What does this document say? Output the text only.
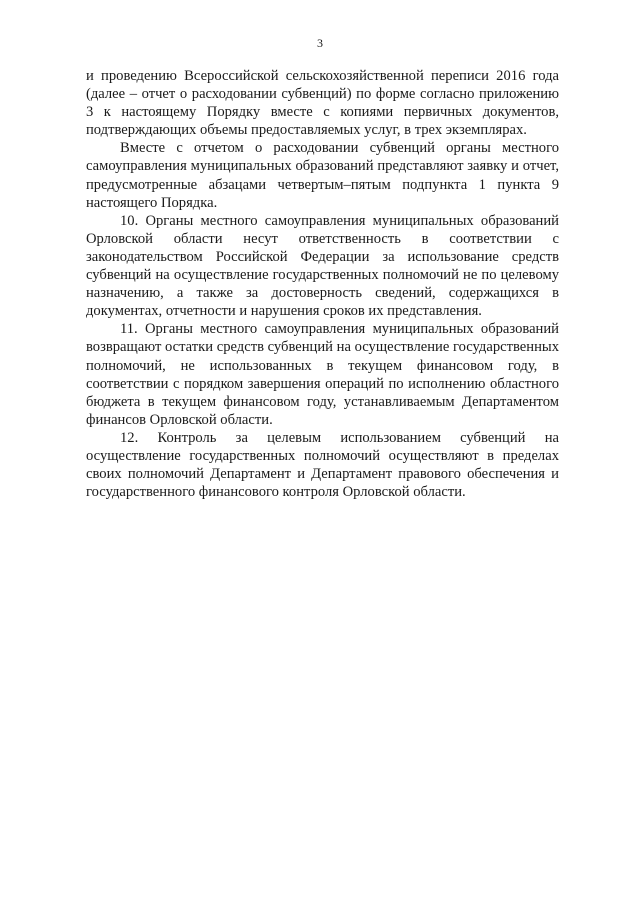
3

и проведению Всероссийской сельскохозяйственной переписи 2016 года (далее – отчет о расходовании субвенций) по форме согласно приложению 3 к настоящему Порядку вместе с копиями первичных документов, подтверждающих объемы предоставляемых услуг, в трех экземплярах.

Вместе с отчетом о расходовании субвенций органы местного самоуправления муниципальных образований представляют заявку и отчет, предусмотренные абзацами четвертым–пятым подпункта 1 пункта 9 настоящего Порядка.

10. Органы местного самоуправления муниципальных образований Орловской области несут ответственность в соответствии с законодательством Российской Федерации за использование средств субвенций на осуществление государственных полномочий не по целевому назначению, а также за достоверность сведений, содержащихся в документах, отчетности и нарушения сроков их представления.

11. Органы местного самоуправления муниципальных образований возвращают остатки средств субвенций на осуществление государственных полномочий, не использованных в текущем финансовом году, в соответствии с порядком завершения операций по исполнению областного бюджета в текущем финансовом году, устанавливаемым Департаментом финансов Орловской области.

12. Контроль за целевым использованием субвенций на осуществление государственных полномочий осуществляют в пределах своих полномочий Департамент и Департамент правового обеспечения и государственного финансового контроля Орловской области.
